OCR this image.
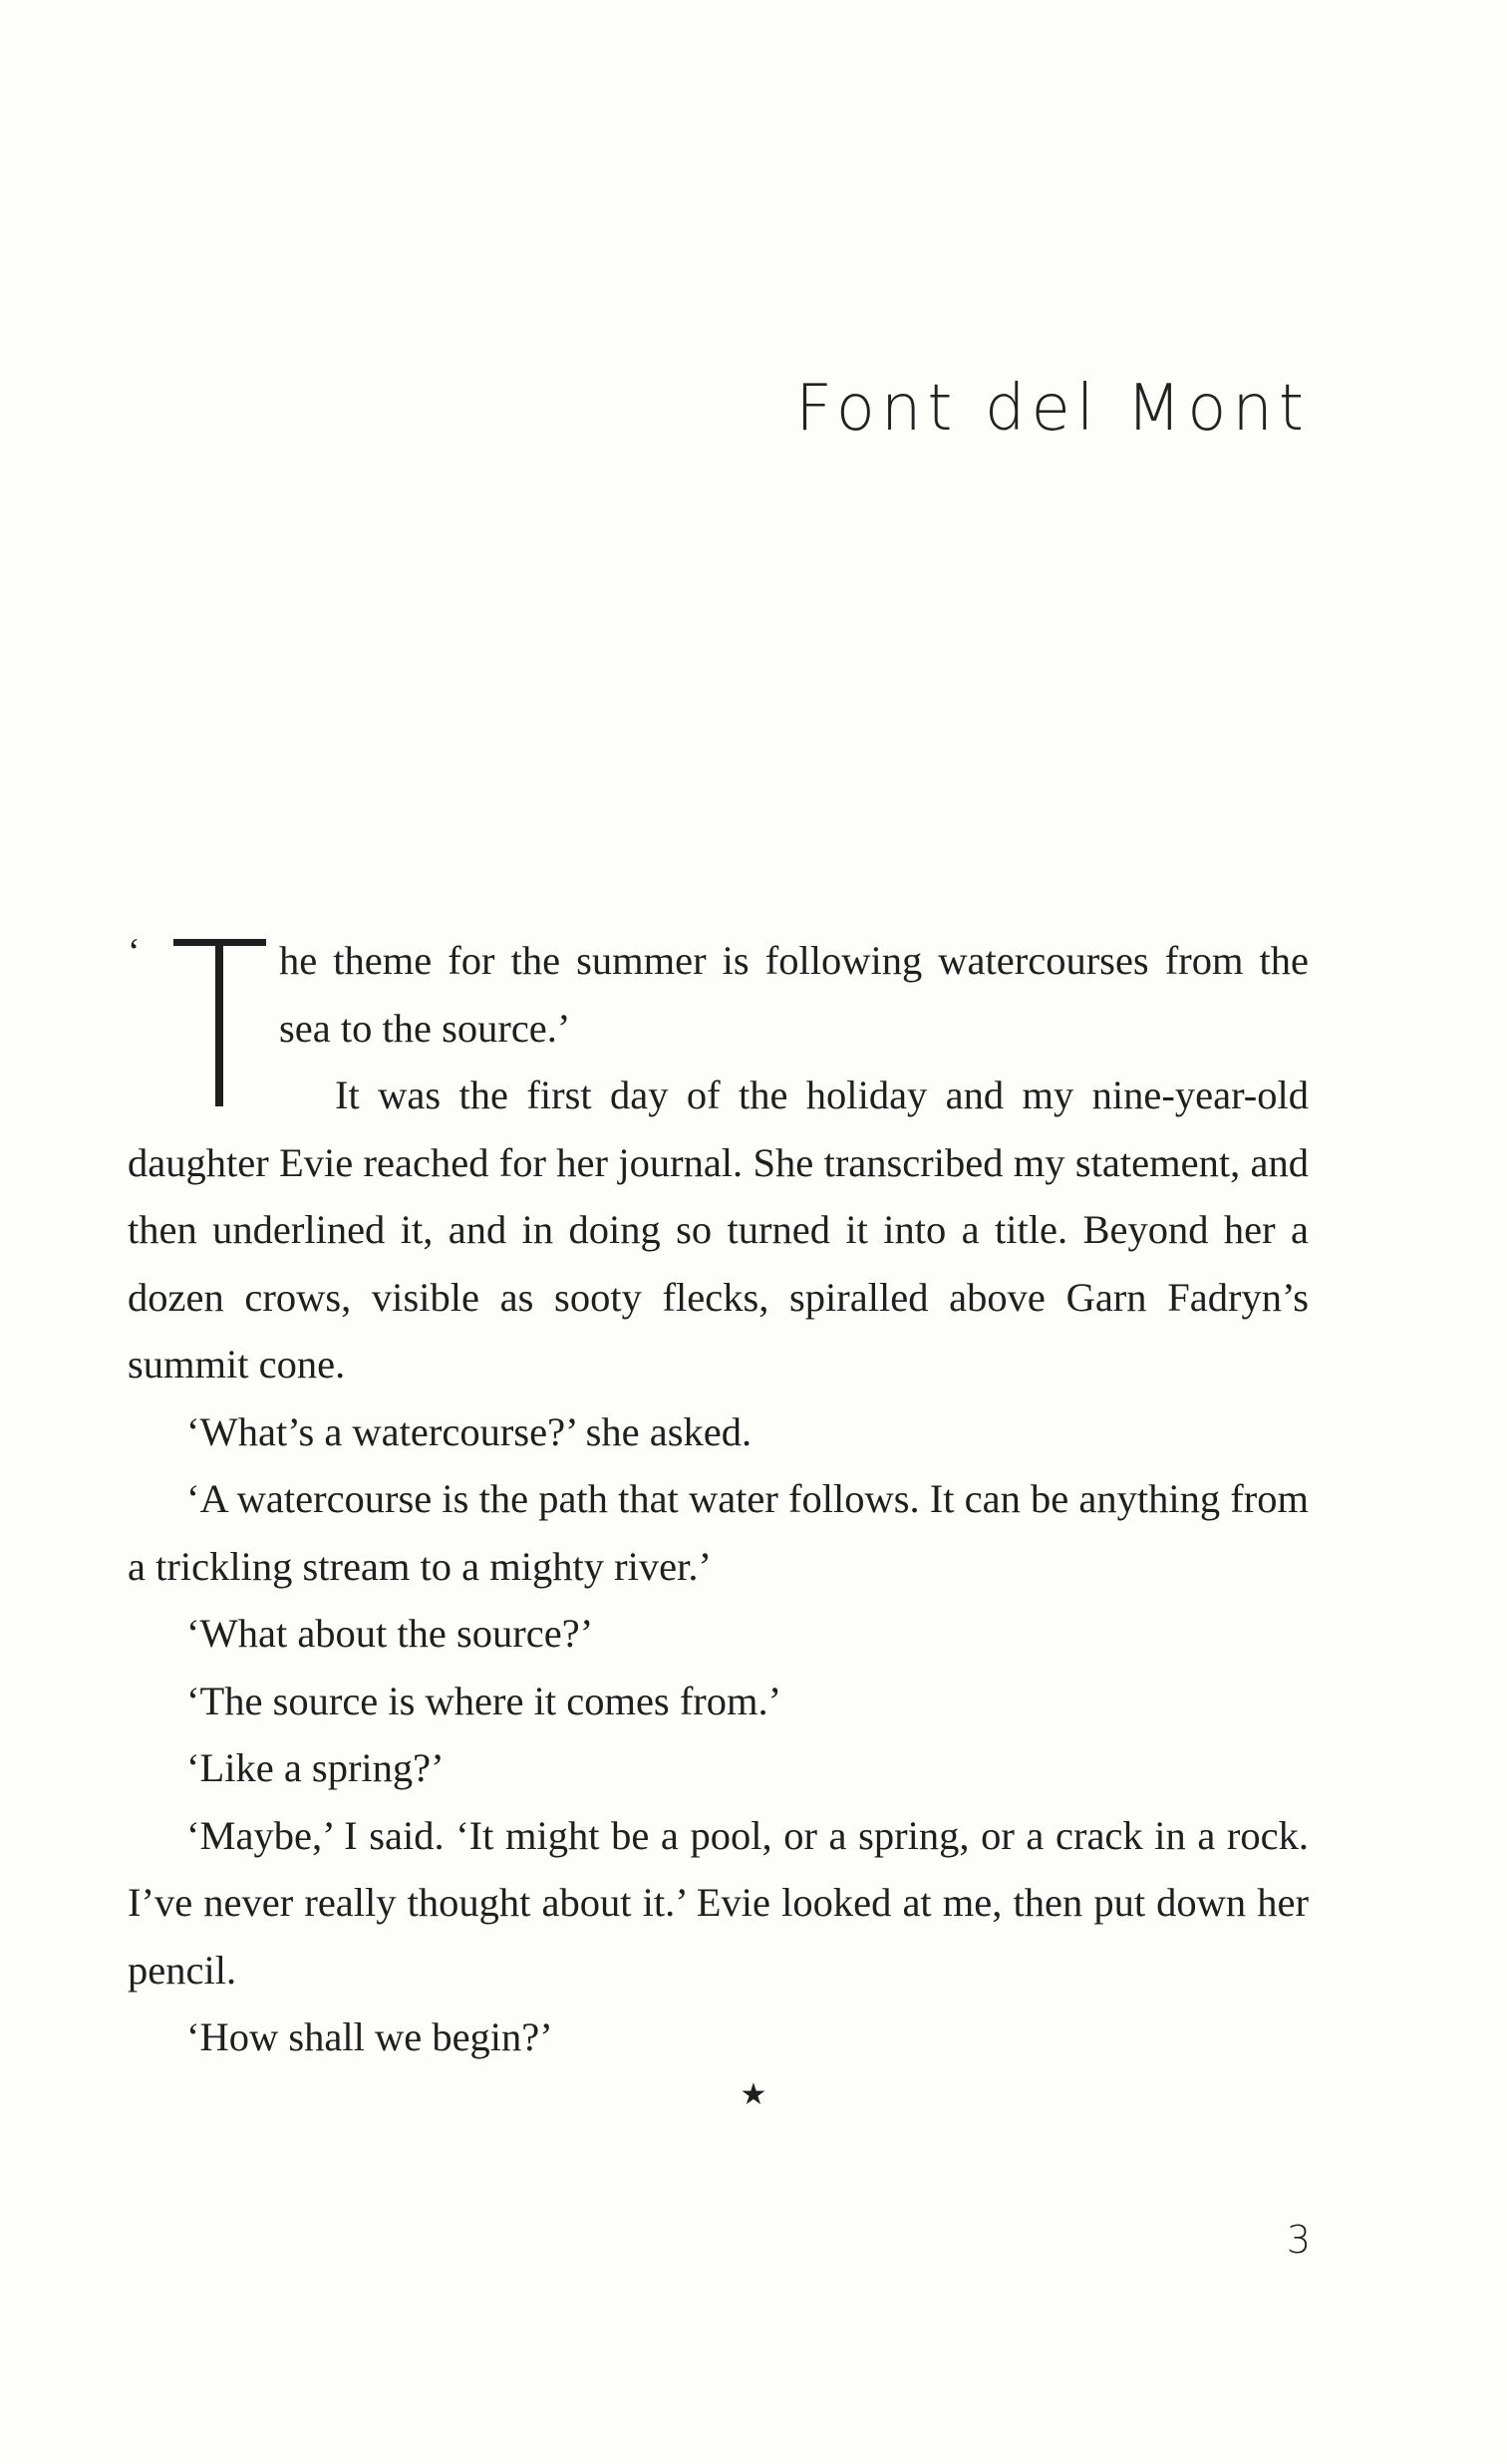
Font del Mont

‘	he theme for the summer is following watercourses from the sea to the source.’

It was the first day of the holiday and my nine-year-old daughter Evie reached for her journal. She transcribed my statement, and then underlined it, and in doing so turned it into a title. Beyond her a dozen crows, visible as sooty flecks, spiralled above Garn Fadryn’s summit cone.

‘What’s a watercourse?’ she asked.

‘A watercourse is the path that water follows. It can be anything from a trickling stream to a mighty river.’

‘What about the source?’

‘The source is where it comes from.’

‘Like a spring?’

‘Maybe,’ I said. ‘It might be a pool, or a spring, or a crack in a rock. I’ve never really thought about it.’ Evie looked at me, then put down her pencil.

‘How shall we begin?’

★
3
